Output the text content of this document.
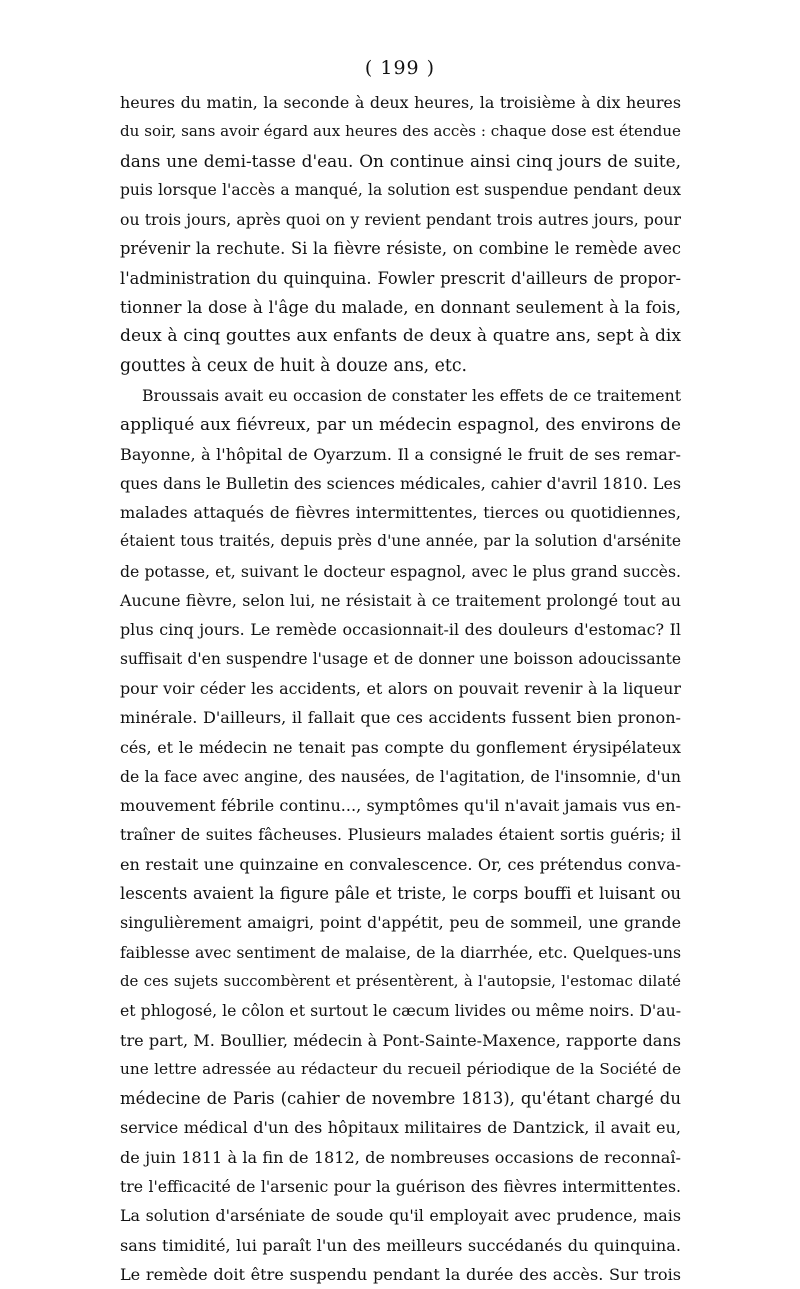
( 199 )
heures du matin, la seconde à deux heures, la troisième à dix heures
du soir, sans avoir égard aux heures des accès : chaque dose est étendue
dans une demi-tasse d'eau. On continue ainsi cinq jours de suite,
puis lorsque l'accès a manqué, la solution est suspendue pendant deux
ou trois jours, après quoi on y revient pendant trois autres jours, pour
prévenir la rechute. Si la fièvre résiste, on combine le remède avec
l'administration du quinquina. Fowler prescrit d'ailleurs de propor-
tionner la dose à l'âge du malade, en donnant seulement à la fois,
deux à cinq gouttes aux enfants de deux à quatre ans, sept à dix
gouttes à ceux de huit à douze ans, etc.
Broussais avait eu occasion de constater les effets de ce traitement
appliqué aux fiévreux, par un médecin espagnol, des environs de
Bayonne, à l'hôpital de Oyarzum. Il a consigné le fruit de ses remar-
ques dans le Bulletin des sciences médicales, cahier d'avril 1810. Les
malades attaqués de fièvres intermittentes, tierces ou quotidiennes,
étaient tous traités, depuis près d'une année, par la solution d'arsénite
de potasse, et, suivant le docteur espagnol, avec le plus grand succès.
Aucune fièvre, selon lui, ne résistait à ce traitement prolongé tout au
plus cinq jours. Le remède occasionnait-il des douleurs d'estomac? Il
suffisait d'en suspendre l'usage et de donner une boisson adoucissante
pour voir céder les accidents, et alors on pouvait revenir à la liqueur
minérale. D'ailleurs, il fallait que ces accidents fussent bien pronon-
cés, et le médecin ne tenait pas compte du gonflement érysipélateux
de la face avec angine, des nausées, de l'agitation, de l'insomnie, d'un
mouvement fébrile continu..., symptômes qu'il n'avait jamais vus en-
traîner de suites fâcheuses. Plusieurs malades étaient sortis guéris; il
en restait une quinzaine en convalescence. Or, ces prétendus conva-
lescents avaient la figure pâle et triste, le corps bouffi et luisant ou
singulièrement amaigri, point d'appétit, peu de sommeil, une grande
faiblesse avec sentiment de malaise, de la diarrhée, etc. Quelques-uns
de ces sujets succombèrent et présentèrent, à l'autopsie, l'estomac dilaté
et phlogosé, le côlon et surtout le cæcum livides ou même noirs. D'au-
tre part, M. Boullier, médecin à Pont-Sainte-Maxence, rapporte dans
une lettre adressée au rédacteur du recueil périodique de la Société de
médecine de Paris (cahier de novembre 1813), qu'étant chargé du
service médical d'un des hôpitaux militaires de Dantzick, il avait eu,
de juin 1811 à la fin de 1812, de nombreuses occasions de reconnaî-
tre l'efficacité de l'arsenic pour la guérison des fièvres intermittentes.
La solution d'arséniate de soude qu'il employait avec prudence, mais
sans timidité, lui paraît l'un des meilleurs succédanés du quinquina.
Le remède doit être suspendu pendant la durée des accès. Sur trois
